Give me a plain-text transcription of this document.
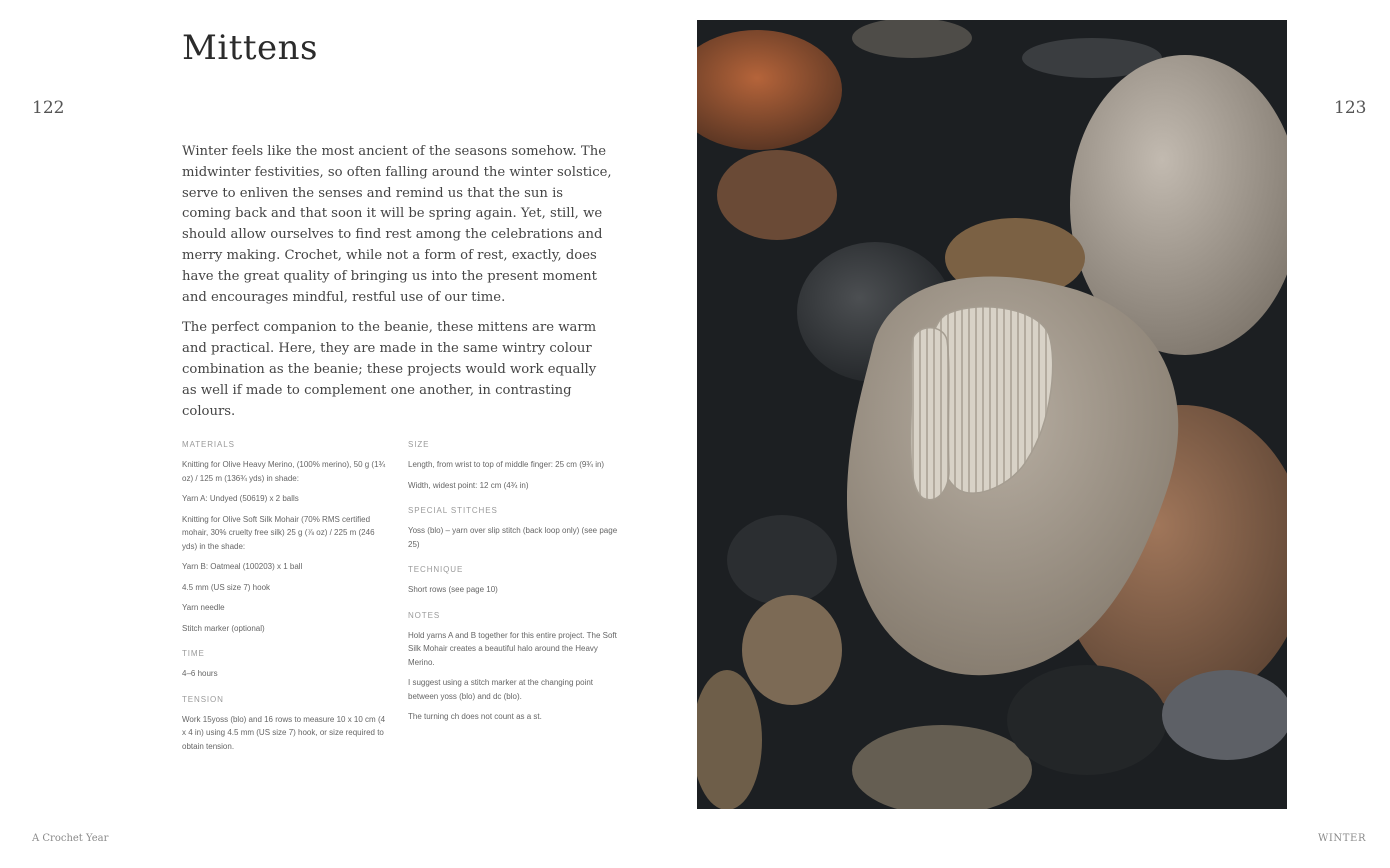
122	123
Mittens

Winter feels like the most ancient of the seasons somehow. The midwinter festivities, so often falling around the winter solstice, serve to enliven the senses and remind us that the sun is coming back and that soon it will be spring again. Yet, still, we should allow ourselves to find rest among the celebrations and merry making. Crochet, while not a form of rest, exactly, does have the great quality of bringing us into the present moment and encourages mindful, restful use of our time.

The perfect companion to the beanie, these mittens are warm and practical. Here, they are made in the same wintry colour combination as the beanie; these projects would work equally as well if made to complement one another, in contrasting colours.

MATERIALS

Knitting for Olive Heavy Merino, (100% merino), 50 g (1¾ oz) / 125 m (136¾ yds) in shade:

Yarn A: Undyed (50619) x 2 balls

Knitting for Olive Soft Silk Mohair (70% RMS certified mohair, 30% cruelty free silk) 25 g (⅞ oz) / 225 m (246 yds) in the shade:

Yarn B: Oatmeal (100203) x 1 ball

4.5 mm (US size 7) hook

Yarn needle

Stitch marker (optional)

TIME

4–6 hours

TENSION

Work 15yoss (blo) and 16 rows to measure 10 x 10 cm (4 x 4 in) using 4.5 mm (US size 7) hook, or size required to obtain tension.

SIZE

Length, from wrist to top of middle finger: 25 cm (9¾ in)

Width, widest point: 12 cm (4¾ in)

SPECIAL STITCHES

Yoss (blo) – yarn over slip stitch (back loop only) (see page 25)

TECHNIQUE

Short rows (see page 10)

NOTES

Hold yarns A and B together for this entire project. The Soft Silk Mohair creates a beautiful halo around the Heavy Merino.

I suggest using a stitch marker at the changing point between yoss (blo) and dc (blo).

The turning ch does not count as a st.

A Crochet Year	WINTER
